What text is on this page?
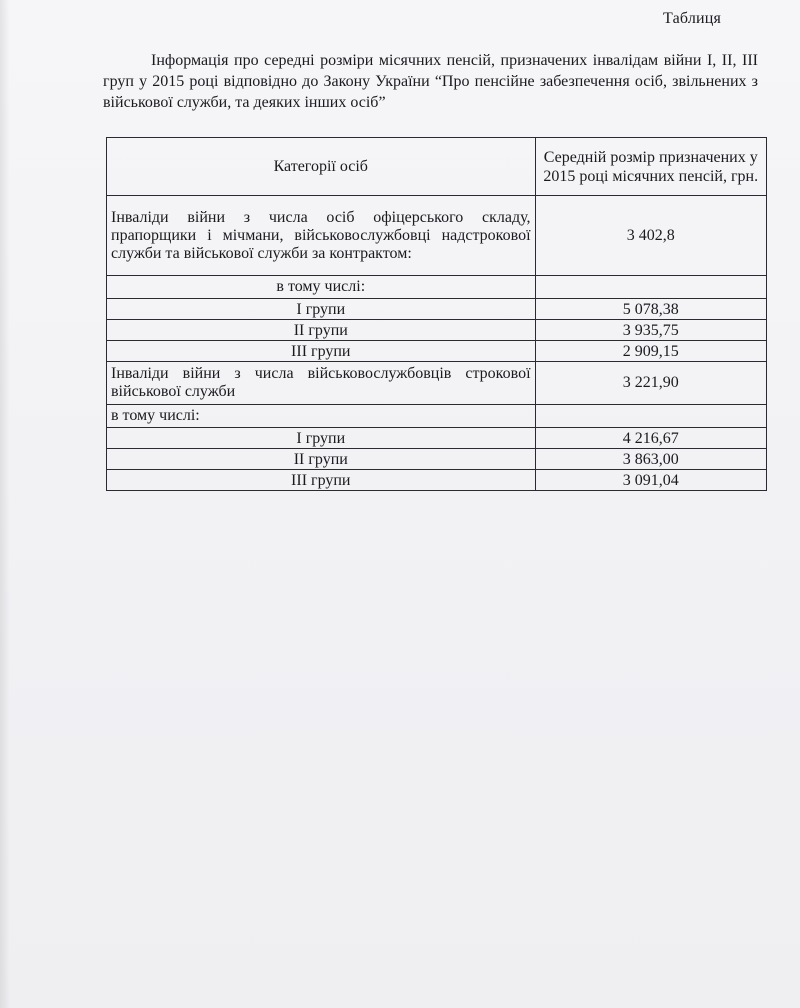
Таблиця
Інформація про середні розміри місячних пенсій, призначених інвалідам війни І, ІІ, ІІІ груп у 2015 році відповідно до Закону України “Про пенсійне забезпечення осіб, звільнених з військової служби, та деяких інших осіб”
Категорії осіб	Середній розмір призначених у 2015 році місячних пенсій, грн.
Інваліди війни з числа осіб офіцерського складу, прапорщики і мічмани, військовослужбовці надстрокової служби та військової служби за контрактом:	3 402,8
в тому числі:	
І групи	5 078,38
ІІ групи	3 935,75
ІІІ групи	2 909,15
Інваліди війни з числа військовослужбовців строкової військової служби	3 221,90
в тому числі:	
І групи	4 216,67
ІІ групи	3 863,00
ІІІ групи	3 091,04
